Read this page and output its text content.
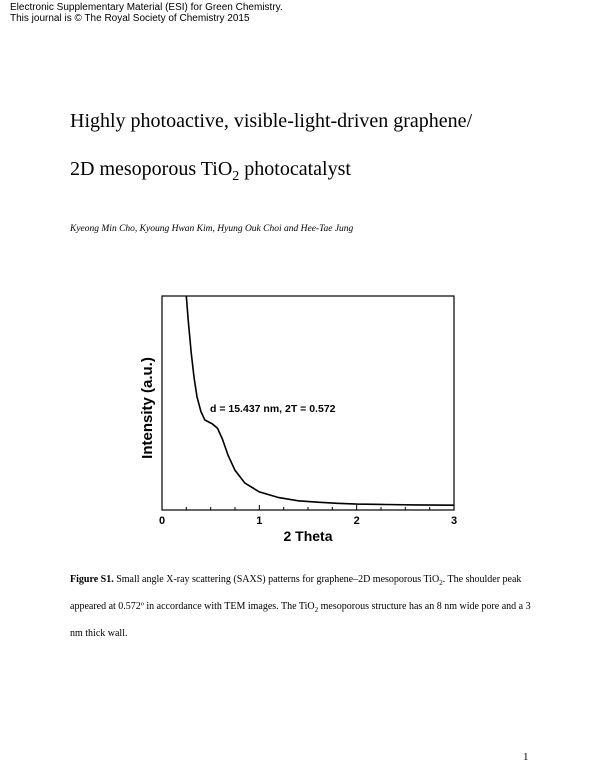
Electronic Supplementary Material (ESI) for Green Chemistry.
This journal is © The Royal Society of Chemistry 2015
Highly photoactive, visible-light-driven graphene/
2D mesoporous TiO$_2$ photocatalyst
Kyeong Min Cho, Kyoung Hwan Kim, Hyung Ouk Choi and Hee-Tae Jung
0	1	2	3
d = 15.437 nm, 2T = 0.572
2 Theta
Intensity (a.u.)
Figure S1. Small angle X-ray scattering (SAXS) patterns for graphene–2D mesoporous TiO$_2$. The shoulder peak appeared at 0.572º in accordance with TEM images. The TiO$_2$ mesoporous structure has an 8 nm wide pore and a 3 nm thick wall.
1
